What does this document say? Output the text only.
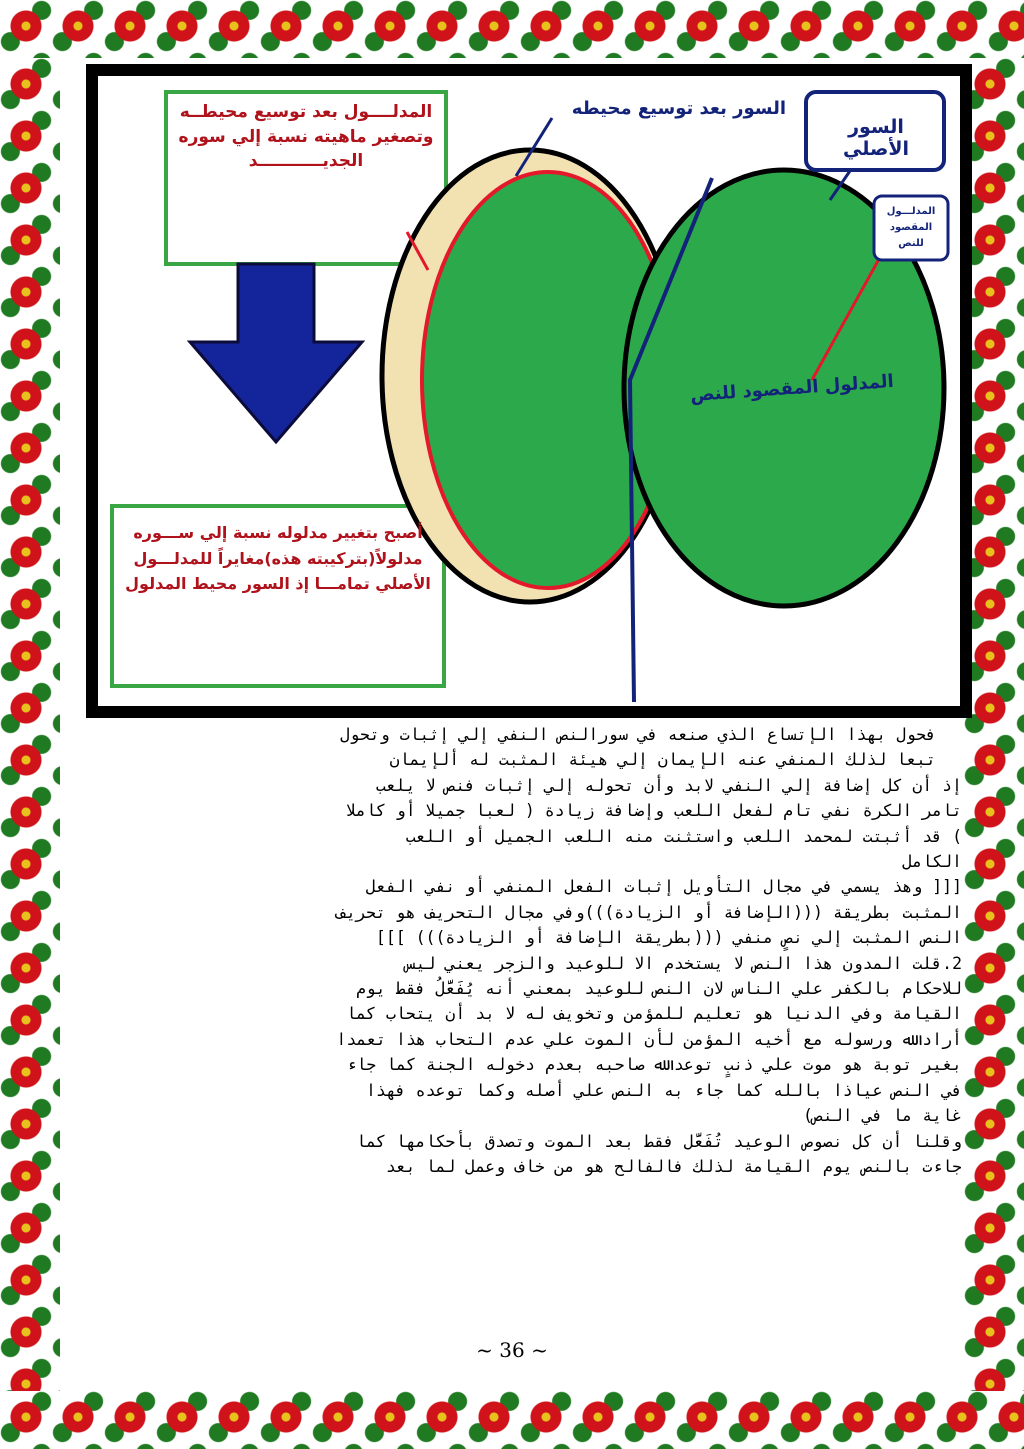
المدلــــول بعد توسيع محيطــه
وتصغير ماهيته نسبة إلي سوره
الجديـــــــــــد
أصبح بتغيير مدلوله نسبة إلي ســـوره
مدلولاً(بتركيبته هذه)مغايراً للمدلـــول
الأصلي تمامـــا إذ السور محيط المدلول
السور بعد توسيع محيطه
السور الأصلي
المدلـــول
المقصود للنص
المدلول المقصود للنص

فحول بهذا الإتساع الذي صنعه في سورالنص النفي إلي إثبات وتحول

تبعا لذلك المنفي عنه الإيمان إلي هيئة المثبت له ألإيمان

إذ أن كل إضافة إلي النفي لابد وأن تحوله إلي إثبات فنص لا يلعب

تامر الكرة نفي تام لفعل اللعب وإضافة زيادة ( لعبا جميلا أو كاملا

) قد أثبتت لمحمد اللعب واستثنت منه اللعب الجميل أو اللعب

الكامل

[[[ وهذ يسمي في مجال التأويل إثبات الفعل المنفي أو نفي الفعل

المثبت بطريقة (((الإضافة أو الزيادة)))وفي مجال التحريف هو تحريف

النص المثبت إلي نصٍ منفي (((بطريقة الإضافة أو الزيادة))) ]]]

2.قلت المدون هذا النص لا يستخدم الا للوعيد والزجر يعني ليس

للاحكام بالكفر علي الناس لان النص للوعيد بمعني أنه يُفَعَّلُ فقط يوم

القيامة وفي الدنيا هو تعليم للمؤمن وتخويف له لا بد أن يتحاب كما

أراد ﷲ ورسوله مع أخيه المؤمن لأن الموت علي عدم التحاب هذا تعمدا

بغير توبة هو موت علي ذنبٍ توعد ﷲ صاحبه بعدم دخوله الجنة كما جاء

في النص عياذا بالله كما جاء به النص علي أصله وكما توعده فهذا

غاية ما في النص)

وقلنا أن كل نصوص الوعيد تُفَعَّل فقط بعد الموت وتصدق بأحكامها كما

جاءت بالنص يوم القيامة لذلك فالفالح هو من خاف وعمل لما بعد

~ 36 ~
